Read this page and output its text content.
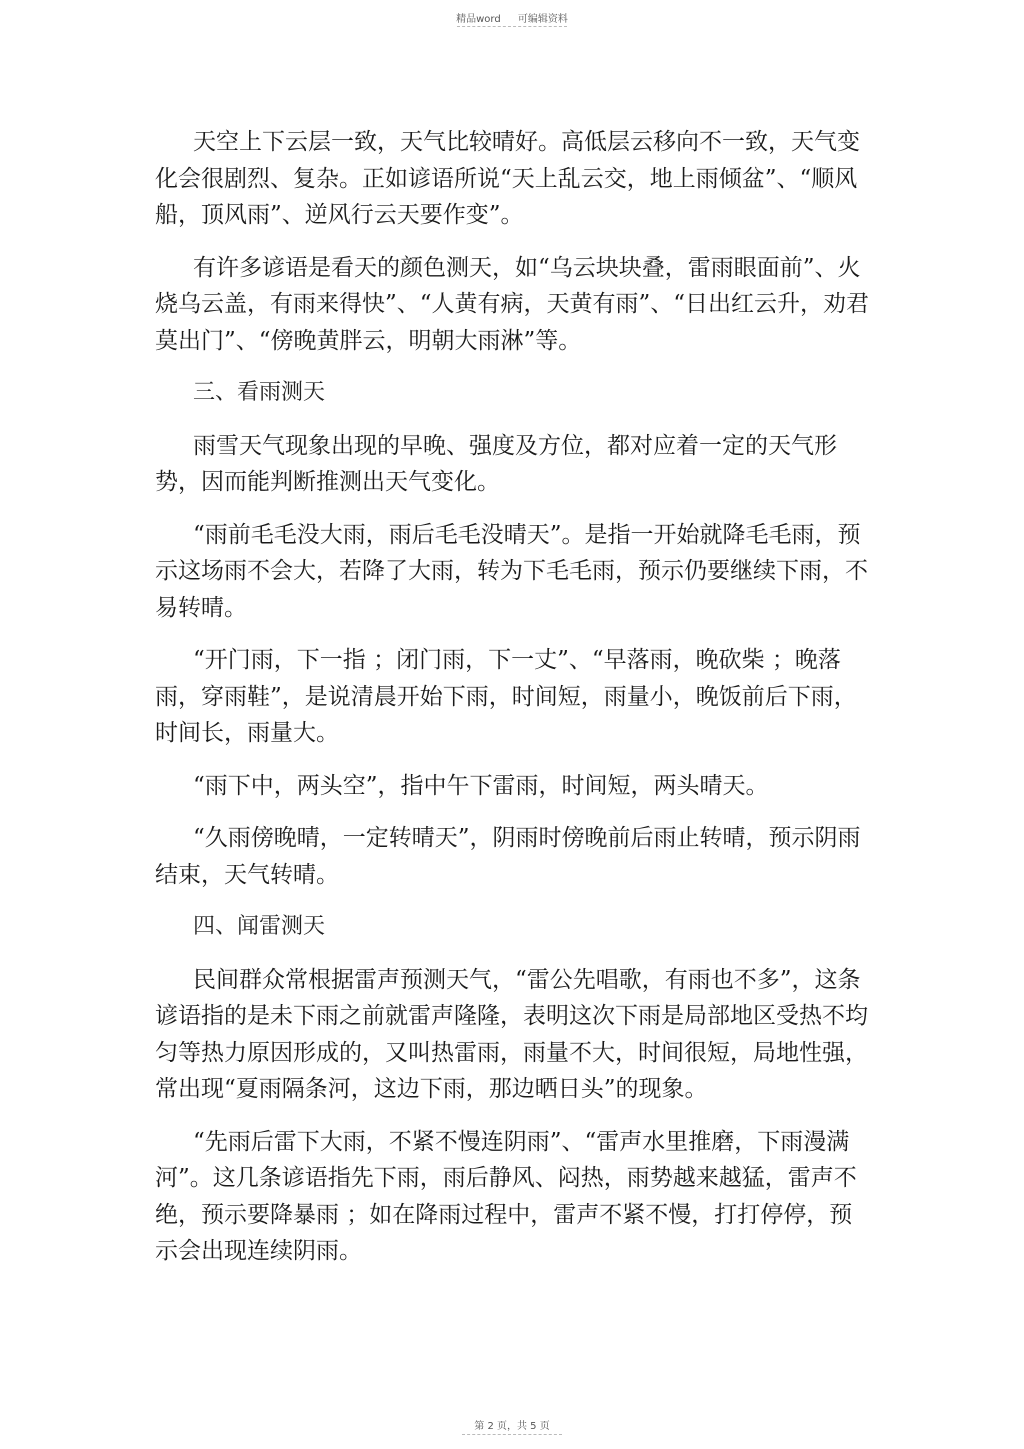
精品word 可编辑资料

天空上下云层一致，天气比较晴好。高低层云移向不一致，天气变化会很剧烈、复杂。正如谚语所说“天上乱云交，地上雨倾盆”、“顺风船，顶风雨”、逆风行云天要作变”。

有许多谚语是看天的颜色测天，如“乌云块块叠，雷雨眼面前”、火烧乌云盖，有雨来得快”、“人黄有病，天黄有雨”、“日出红云升，劝君莫出门”、“傍晚黄胖云，明朝大雨淋”等。

三、看雨测天

雨雪天气现象出现的早晚、强度及方位，都对应着一定的天气形势，因而能判断推测出天气变化。

“雨前毛毛没大雨，雨后毛毛没晴天”。是指一开始就降毛毛雨，预示这场雨不会大，若降了大雨，转为下毛毛雨，预示仍要继续下雨，不易转晴。

“开门雨，下一指 ；闭门雨，下一丈”、“早落雨，晚砍柴 ；晚落雨，穿雨鞋”，是说清晨开始下雨，时间短，雨量小，晚饭前后下雨，时间长，雨量大。

“雨下中，两头空”，指中午下雷雨，时间短，两头晴天。

“久雨傍晚晴，一定转晴天”，阴雨时傍晚前后雨止转晴，预示阴雨结束，天气转晴。

四、闻雷测天

民间群众常根据雷声预测天气，“雷公先唱歌，有雨也不多”，这条谚语指的是未下雨之前就雷声隆隆，表明这次下雨是局部地区受热不均匀等热力原因形成的，又叫热雷雨，雨量不大，时间很短，局地性强，常出现“夏雨隔条河，这边下雨，那边晒日头”的现象。

“先雨后雷下大雨，不紧不慢连阴雨”、“雷声水里推磨，下雨漫满河”。这几条谚语指先下雨，雨后静风、闷热，雨势越来越猛，雷声不绝，预示要降暴雨 ；如在降雨过程中，雷声不紧不慢，打打停停，预示会出现连续阴雨。

第 2 页，共 5 页
